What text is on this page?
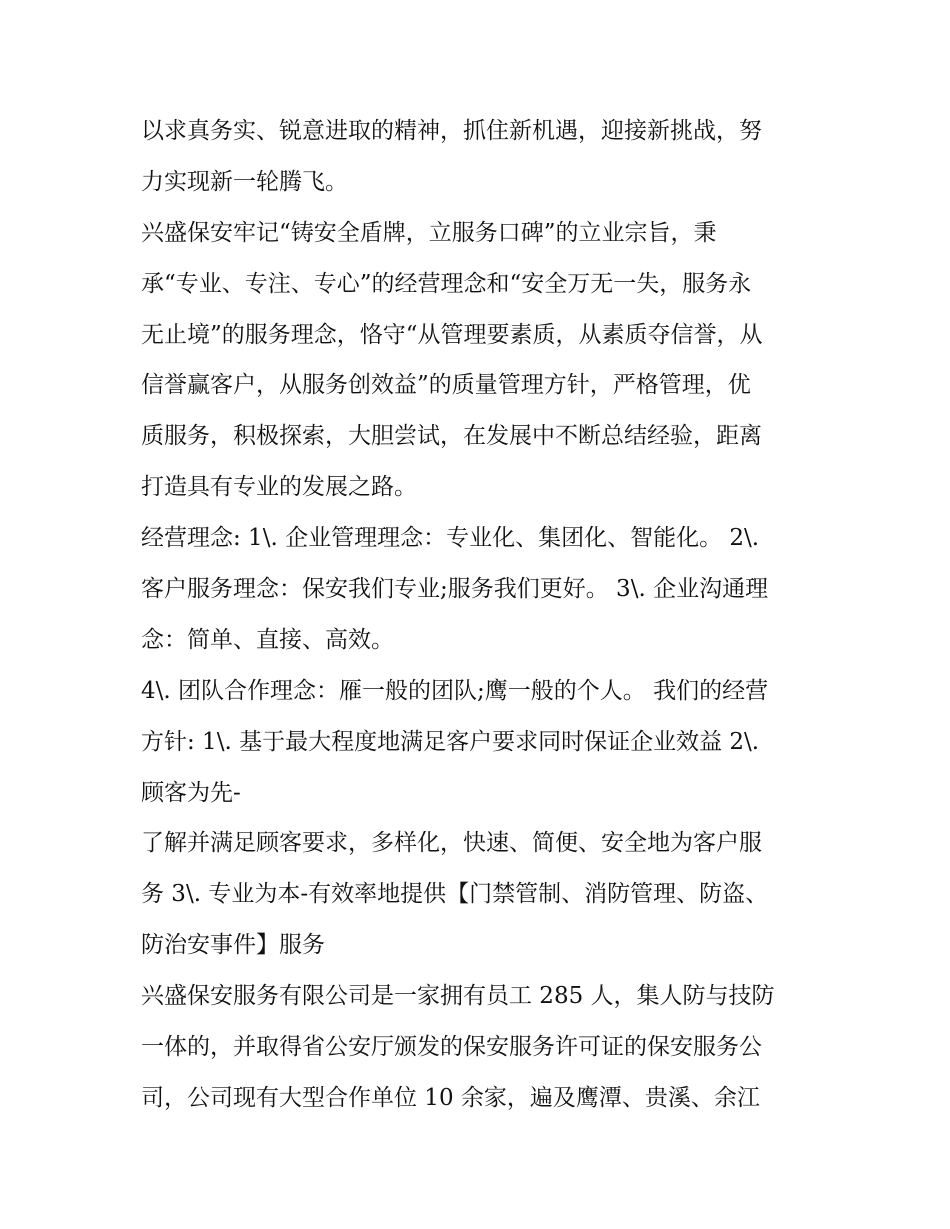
以求真务实、锐意进取的精神，抓住新机遇，迎接新挑战，努
力实现新一轮腾飞。
兴盛保安牢记“铸安全盾牌，立服务口碑”的立业宗旨，秉
承“专业、专注、专心”的经营理念和“安全万无一失，服务永
无止境”的服务理念，恪守“从管理要素质，从素质夺信誉，从
信誉赢客户，从服务创效益”的质量管理方针，严格管理，优
质服务，积极探索，大胆尝试，在发展中不断总结经验，距离
打造具有专业的发展之路。
经营理念: 1\. 企业管理理念：专业化、集团化、智能化。 2\.
客户服务理念：保安我们专业;服务我们更好。 3\. 企业沟通理
念：简单、直接、高效。
4\. 团队合作理念：雁一般的团队;鹰一般的个人。 我们的经营
方针: 1\. 基于最大程度地满足客户要求同时保证企业效益 2\.
顾客为先-
了解并满足顾客要求，多样化，快速、简便、安全地为客户服
务 3\. 专业为本-有效率地提供【门禁管制、消防管理、防盗、
防治安事件】服务
兴盛保安服务有限公司是一家拥有员工 285 人，集人防与技防
一体的，并取得省公安厅颁发的保安服务许可证的保安服务公
司，公司现有大型合作单位 10 余家，遍及鹰潭、贵溪、余江
